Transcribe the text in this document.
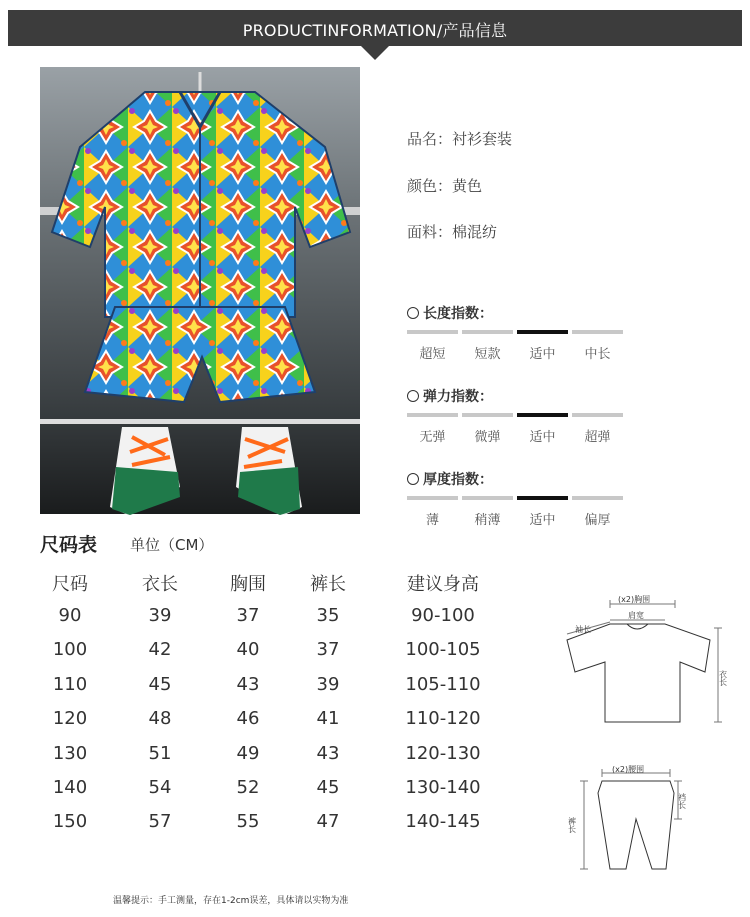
PRODUCTINFORMATION/产品信息
品名：衬衫套装
颜色：黄色
面料：棉混纺
长度指数：
超短	短款	适中	中长
弹力指数：
无弹	微弹	适中	超弹
厚度指数：
薄	稍薄	适中	偏厚
尺码表 单位（CM）
尺码	衣长	胸围	裤长	建议身高
90	39	37	35	90-100
100	42	40	37	100-105
110	45	43	39	105-110
120	48	46	41	110-120
130	51	49	43	120-130
140	54	52	45	130-140
150	57	55	47	140-145
(x2)胸围
肩宽
袖长
衣长
(x2)腰围
裆长
裤长
温馨提示：手工测量，存在1-2cm误差，具体请以实物为准
